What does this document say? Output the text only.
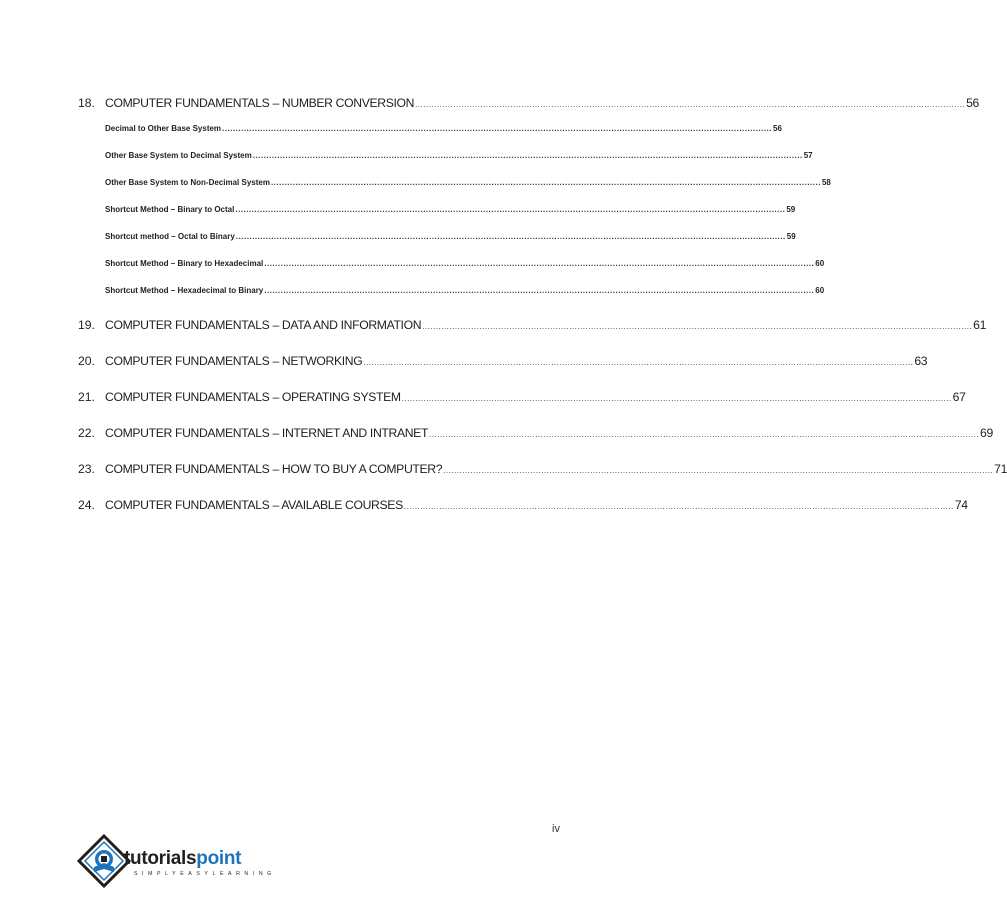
18. COMPUTER FUNDAMENTALS – NUMBER CONVERSION .....	56
Decimal to Other Base System .....	56
Other Base System to Decimal System .....	57
Other Base System to Non-Decimal System .....	58
Shortcut Method – Binary to Octal .....	59
Shortcut method – Octal to Binary .....	59
Shortcut Method – Binary to Hexadecimal .....	60
Shortcut Method – Hexadecimal to Binary .....	60
19. COMPUTER FUNDAMENTALS – DATA AND INFORMATION .....	61
20. COMPUTER FUNDAMENTALS – NETWORKING .....	63
21. COMPUTER FUNDAMENTALS – OPERATING SYSTEM .....	67
22. COMPUTER FUNDAMENTALS – INTERNET AND INTRANET .....	69
23. COMPUTER FUNDAMENTALS – HOW TO BUY A COMPUTER? .....	71
24. COMPUTER FUNDAMENTALS – AVAILABLE COURSES .....	74
iv
tutorialspoint
SIMPLYEASYLEARNING
